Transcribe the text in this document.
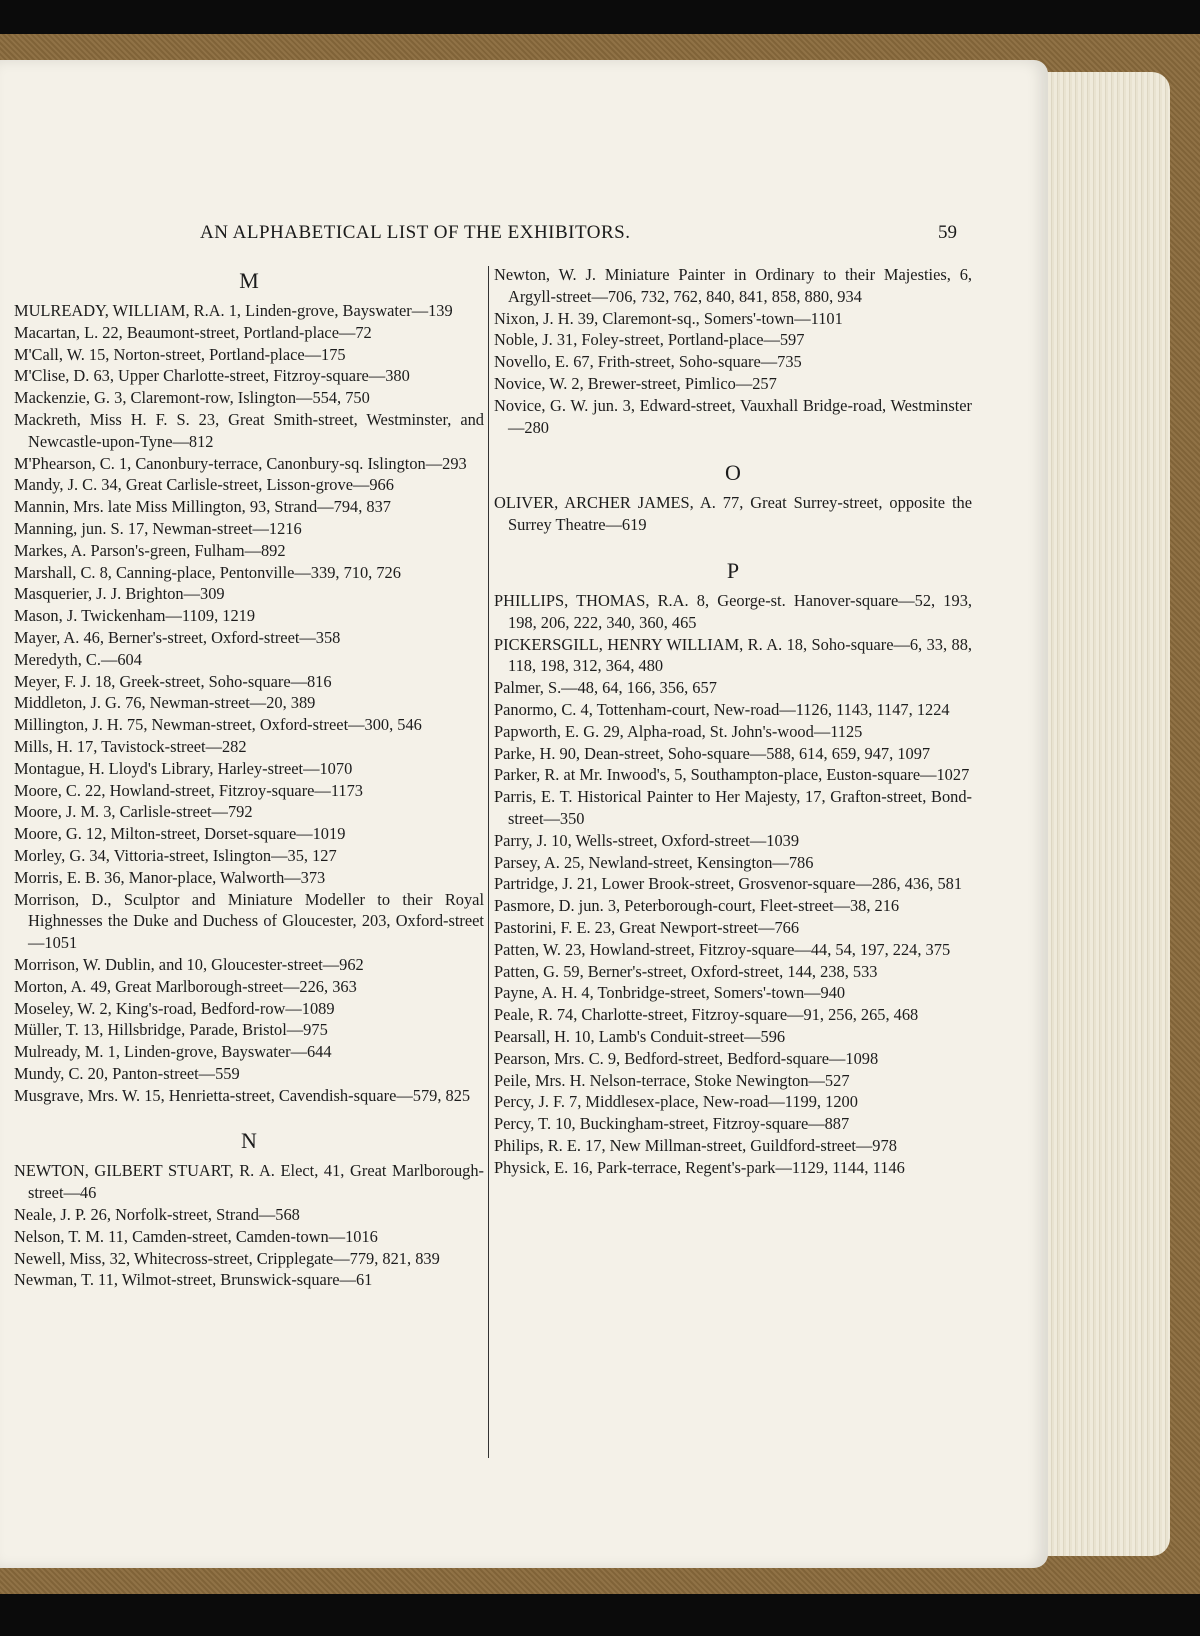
AN ALPHABETICAL LIST OF THE EXHIBITORS.	59
M
MULREADY, WILLIAM, R.A. 1, Linden-grove, Bayswater—139
Macartan, L. 22, Beaumont-street, Portland-place—72
M'Call, W. 15, Norton-street, Portland-place—175
M'Clise, D. 63, Upper Charlotte-street, Fitzroy-square—380
Mackenzie, G. 3, Claremont-row, Islington—554, 750
Mackreth, Miss H. F. S. 23, Great Smith-street, Westminster, and Newcastle-upon-Tyne—812
M'Phearson, C. 1, Canonbury-terrace, Canonbury-sq. Islington—293
Mandy, J. C. 34, Great Carlisle-street, Lisson-grove—966
Mannin, Mrs. late Miss Millington, 93, Strand—794, 837
Manning, jun. S. 17, Newman-street—1216
Markes, A. Parson's-green, Fulham—892
Marshall, C. 8, Canning-place, Pentonville—339, 710, 726
Masquerier, J. J. Brighton—309
Mason, J. Twickenham—1109, 1219
Mayer, A. 46, Berner's-street, Oxford-street—358
Meredyth, C.—604
Meyer, F. J. 18, Greek-street, Soho-square—816
Middleton, J. G. 76, Newman-street—20, 389
Millington, J. H. 75, Newman-street, Oxford-street—300, 546
Mills, H. 17, Tavistock-street—282
Montague, H. Lloyd's Library, Harley-street—1070
Moore, C. 22, Howland-street, Fitzroy-square—1173
Moore, J. M. 3, Carlisle-street—792
Moore, G. 12, Milton-street, Dorset-square—1019
Morley, G. 34, Vittoria-street, Islington—35, 127
Morris, E. B. 36, Manor-place, Walworth—373
Morrison, D., Sculptor and Miniature Modeller to their Royal Highnesses the Duke and Duchess of Gloucester, 203, Oxford-street—1051
Morrison, W. Dublin, and 10, Gloucester-street—962
Morton, A. 49, Great Marlborough-street—226, 363
Moseley, W. 2, King's-road, Bedford-row—1089
Müller, T. 13, Hillsbridge, Parade, Bristol—975
Mulready, M. 1, Linden-grove, Bayswater—644
Mundy, C. 20, Panton-street—559
Musgrave, Mrs. W. 15, Henrietta-street, Cavendish-square—579, 825
N
NEWTON, GILBERT STUART, R. A. Elect, 41, Great Marlborough-street—46
Neale, J. P. 26, Norfolk-street, Strand—568
Nelson, T. M. 11, Camden-street, Camden-town—1016
Newell, Miss, 32, Whitecross-street, Cripplegate—779, 821, 839
Newman, T. 11, Wilmot-street, Brunswick-square—61
Newton, W. J. Miniature Painter in Ordinary to their Majesties, 6, Argyll-street—706, 732, 762, 840, 841, 858, 880, 934
Nixon, J. H. 39, Claremont-sq., Somers'-town—1101
Noble, J. 31, Foley-street, Portland-place—597
Novello, E. 67, Frith-street, Soho-square—735
Novice, W. 2, Brewer-street, Pimlico—257
Novice, G. W. jun. 3, Edward-street, Vauxhall Bridge-road, Westminster—280
O
OLIVER, ARCHER JAMES, A. 77, Great Surrey-street, opposite the Surrey Theatre—619
P
PHILLIPS, THOMAS, R.A. 8, George-st. Hanover-square—52, 193, 198, 206, 222, 340, 360, 465
PICKERSGILL, HENRY WILLIAM, R. A. 18, Soho-square—6, 33, 88, 118, 198, 312, 364, 480
Palmer, S.—48, 64, 166, 356, 657
Panormo, C. 4, Tottenham-court, New-road—1126, 1143, 1147, 1224
Papworth, E. G. 29, Alpha-road, St. John's-wood—1125
Parke, H. 90, Dean-street, Soho-square—588, 614, 659, 947, 1097
Parker, R. at Mr. Inwood's, 5, Southampton-place, Euston-square—1027
Parris, E. T. Historical Painter to Her Majesty, 17, Grafton-street, Bond-street—350
Parry, J. 10, Wells-street, Oxford-street—1039
Parsey, A. 25, Newland-street, Kensington—786
Partridge, J. 21, Lower Brook-street, Grosvenor-square—286, 436, 581
Pasmore, D. jun. 3, Peterborough-court, Fleet-street—38, 216
Pastorini, F. E. 23, Great Newport-street—766
Patten, W. 23, Howland-street, Fitzroy-square—44, 54, 197, 224, 375
Patten, G. 59, Berner's-street, Oxford-street, 144, 238, 533
Payne, A. H. 4, Tonbridge-street, Somers'-town—940
Peale, R. 74, Charlotte-street, Fitzroy-square—91, 256, 265, 468
Pearsall, H. 10, Lamb's Conduit-street—596
Pearson, Mrs. C. 9, Bedford-street, Bedford-square—1098
Peile, Mrs. H. Nelson-terrace, Stoke Newington—527
Percy, J. F. 7, Middlesex-place, New-road—1199, 1200
Percy, T. 10, Buckingham-street, Fitzroy-square—887
Philips, R. E. 17, New Millman-street, Guildford-street—978
Physick, E. 16, Park-terrace, Regent's-park—1129, 1144, 1146
